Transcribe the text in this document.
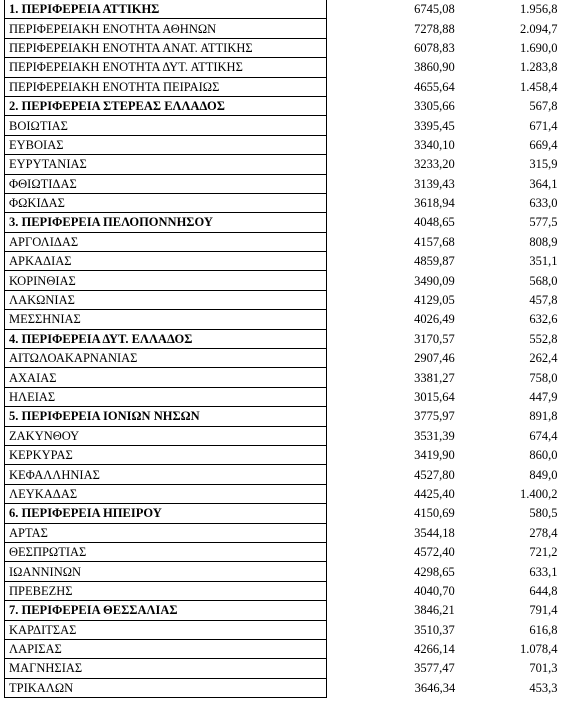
1. ΠΕΡΙΦΕΡΕΙΑ ΑΤΤΙΚΗΣ	6745,08	1.956,8
ΠΕΡΙΦΕΡΕΙΑΚΗ ΕΝΟΤΗΤΑ ΑΘΗΝΩΝ	7278,88	2.094,7
ΠΕΡΙΦΕΡΕΙΑΚΗ ΕΝΟΤΗΤΑ ΑΝΑΤ. ΑΤΤΙΚΗΣ	6078,83	1.690,0
ΠΕΡΙΦΕΡΕΙΑΚΗ ΕΝΟΤΗΤΑ ΔΥΤ. ΑΤΤΙΚΗΣ	3860,90	1.283,8
ΠΕΡΙΦΕΡΕΙΑΚΗ ΕΝΟΤΗΤΑ ΠΕΙΡΑΙΩΣ	4655,64	1.458,4
2. ΠΕΡΙΦΕΡΕΙΑ ΣΤΕΡΕΑΣ ΕΛΛΑΔΟΣ	3305,66	567,8
ΒΟΙΩΤΙΑΣ	3395,45	671,4
ΕΥΒΟΙΑΣ	3340,10	669,4
ΕΥΡΥΤΑΝΙΑΣ	3233,20	315,9
ΦΘΙΩΤΙΔΑΣ	3139,43	364,1
ΦΩΚΙΔΑΣ	3618,94	633,0
3. ΠΕΡΙΦΕΡΕΙΑ ΠΕΛΟΠΟΝΝΗΣΟΥ	4048,65	577,5
ΑΡΓΟΛΙΔΑΣ	4157,68	808,9
ΑΡΚΑΔΙΑΣ	4859,87	351,1
ΚΟΡΙΝΘΙΑΣ	3490,09	568,0
ΛΑΚΩΝΙΑΣ	4129,05	457,8
ΜΕΣΣΗΝΙΑΣ	4026,49	632,6
4. ΠΕΡΙΦΕΡΕΙΑ ΔΥΤ. ΕΛΛΑΔΟΣ	3170,57	552,8
ΑΙΤΩΛΟΑΚΑΡΝΑΝΙΑΣ	2907,46	262,4
ΑΧΑΙΑΣ	3381,27	758,0
ΗΛΕΙΑΣ	3015,64	447,9
5. ΠΕΡΙΦΕΡΕΙΑ ΙΟΝΙΩΝ ΝΗΣΩΝ	3775,97	891,8
ΖΑΚΥΝΘΟΥ	3531,39	674,4
ΚΕΡΚΥΡΑΣ	3419,90	860,0
ΚΕΦΑΛΛΗΝΙΑΣ	4527,80	849,0
ΛΕΥΚΑΔΑΣ	4425,40	1.400,2
6. ΠΕΡΙΦΕΡΕΙΑ ΗΠΕΙΡΟΥ	4150,69	580,5
ΑΡΤΑΣ	3544,18	278,4
ΘΕΣΠΡΩΤΙΑΣ	4572,40	721,2
ΙΩΑΝΝΙΝΩΝ	4298,65	633,1
ΠΡΕΒΕΖΗΣ	4040,70	644,8
7. ΠΕΡΙΦΕΡΕΙΑ ΘΕΣΣΑΛΙΑΣ	3846,21	791,4
ΚΑΡΔΙΤΣΑΣ	3510,37	616,8
ΛΑΡΙΣΑΣ	4266,14	1.078,4
ΜΑΓΝΗΣΙΑΣ	3577,47	701,3
ΤΡΙΚΑΛΩΝ	3646,34	453,3
